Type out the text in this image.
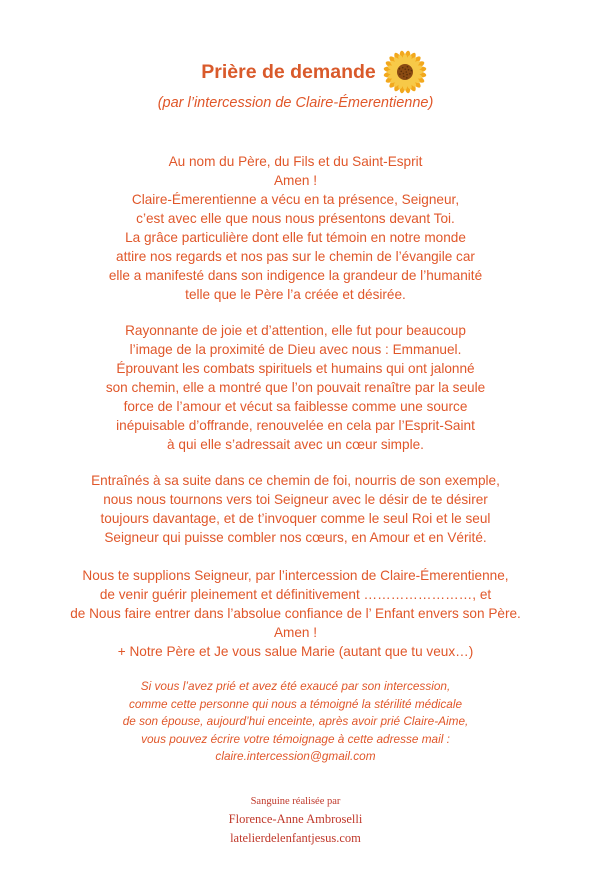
Prière de demande
(par l’intercession de Claire-Émerentienne)
Au nom du Père, du Fils et du Saint-Esprit
Amen !
Claire-Émerentienne a vécu en ta présence, Seigneur,
c’est avec elle que nous nous présentons devant Toi.
La grâce particulière dont elle fut témoin en notre monde
attire nos regards et nos pas sur le chemin de l’évangile car
elle a manifesté dans son indigence la grandeur de l’humanité
telle que le Père l’a créée et désirée.
Rayonnante de joie et d’attention, elle fut pour beaucoup
l’image de la proximité de Dieu avec nous : Emmanuel.
Éprouvant les combats spirituels et humains qui ont jalonné
son chemin, elle a montré que l’on pouvait renaître par la seule
force de l’amour et vécut sa faiblesse comme une source
inépuisable d’offrande, renouvelée en cela par l’Esprit-Saint
à qui elle s’adressait avec un cœur simple.
Entraînés à sa suite dans ce chemin de foi, nourris de son exemple,
nous nous tournons vers toi Seigneur avec le désir de te désirer
toujours davantage, et de t’invoquer comme le seul Roi et le seul
Seigneur qui puisse combler nos cœurs, en Amour et en Vérité.
Nous te supplions Seigneur, par l’intercession de Claire-Émerentienne,
de venir guérir pleinement et définitivement ……………………, et
de Nous faire entrer dans l’absolue confiance de l’ Enfant envers son Père.
Amen !
+ Notre Père et Je vous salue Marie (autant que tu veux…)
Si vous l’avez prié et avez été exaucé par son intercession,
comme cette personne qui nous a témoigné la stérilité médicale
de son épouse, aujourd’hui enceinte, après avoir prié Claire-Aime,
vous pouvez écrire votre témoignage à cette adresse mail :
claire.intercession@gmail.com
Sanguine réalisée par
Florence-Anne Ambroselli
latelierdelenfantjesus.com
